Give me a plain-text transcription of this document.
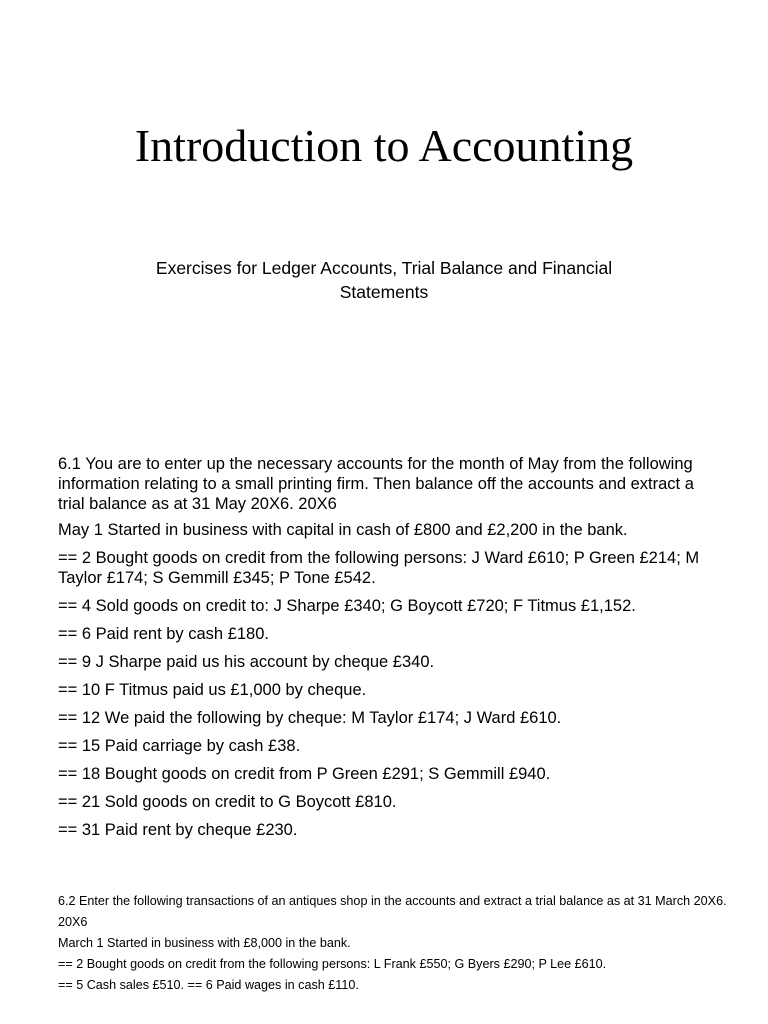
Introduction to Accounting
Exercises for Ledger Accounts, Trial Balance and Financial Statements

6.1 You are to enter up the necessary accounts for the month of May from the following information relating to a small printing firm. Then balance off the accounts and extract a trial balance as at 31 May 20X6. 20X6

May 1 Started in business with capital in cash of £800 and £2,200 in the bank.

== 2 Bought goods on credit from the following persons: J Ward £610; P Green £214; M Taylor £174; S Gemmill £345; P Tone £542.

== 4 Sold goods on credit to: J Sharpe £340; G Boycott £720; F Titmus £1,152.

== 6 Paid rent by cash £180.

== 9 J Sharpe paid us his account by cheque £340.

== 10 F Titmus paid us £1,000 by cheque.

== 12 We paid the following by cheque: M Taylor £174; J Ward £610.

== 15 Paid carriage by cash £38.

== 18 Bought goods on credit from P Green £291; S Gemmill £940.

== 21 Sold goods on credit to G Boycott £810.

== 31 Paid rent by cheque £230.

6.2 Enter the following transactions of an antiques shop in the accounts and extract a trial balance as at 31 March 20X6.

20X6

March 1 Started in business with £8,000 in the bank.

== 2 Bought goods on credit from the following persons: L Frank £550; G Byers £290; P Lee £610.

== 5 Cash sales £510. == 6 Paid wages in cash £110.
